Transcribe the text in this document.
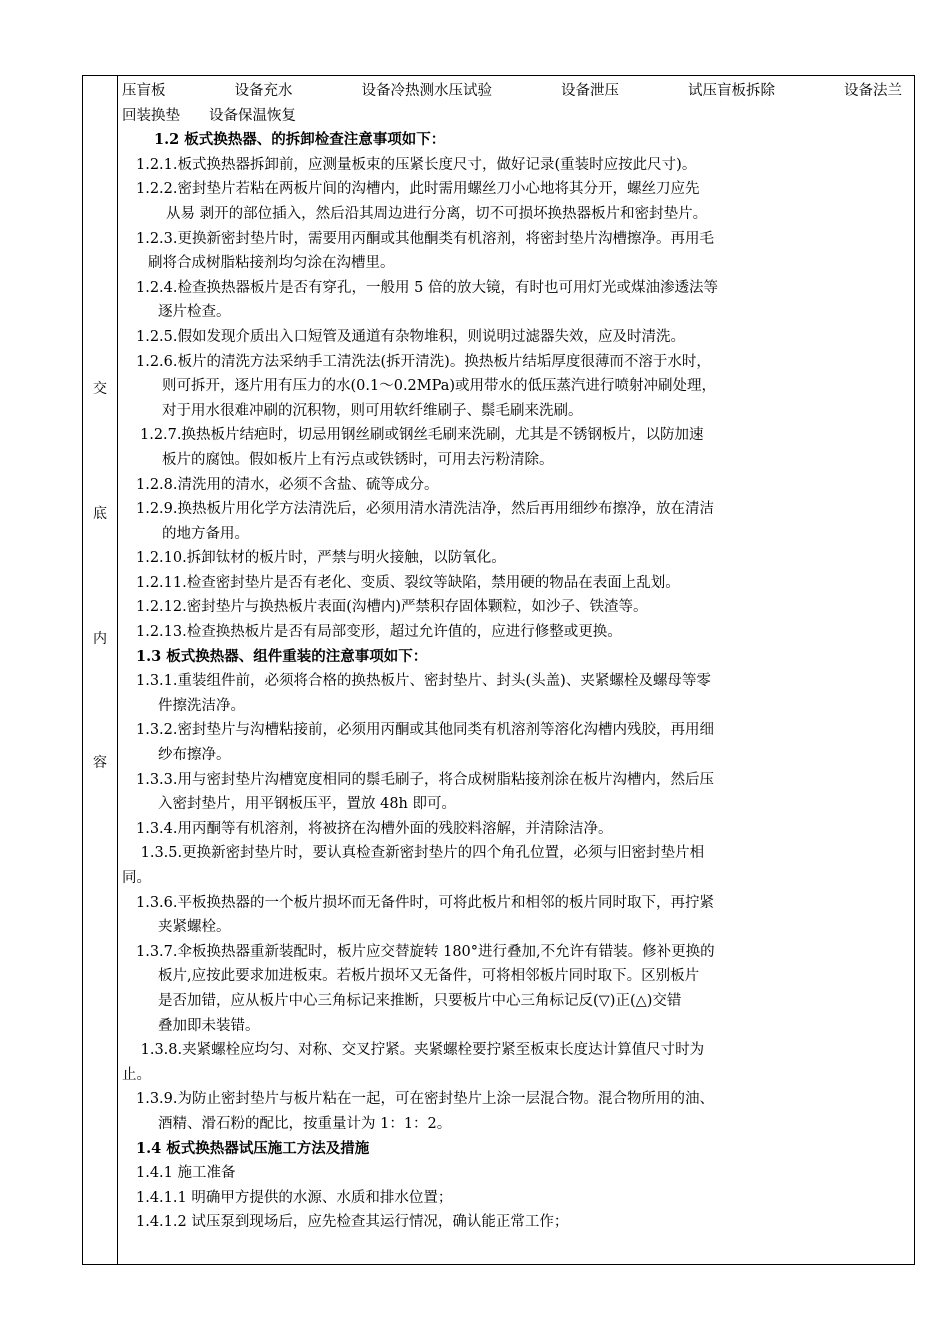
交
底
内
容
压盲板	设备充水	设备冷热测水压试验	设备泄压	试压盲板拆除	设备法兰
回装换垫　　设备保温恢复
1.2 板式换热器、的拆卸检查注意事项如下：
1.2.1.板式换热器拆卸前，应测量板束的压紧长度尺寸，做好记录(重装时应按此尺寸)。
1.2.2.密封垫片若粘在两板片间的沟槽内，此时需用螺丝刀小心地将其分开，螺丝刀应先
从易 剥开的部位插入，然后沿其周边进行分离，切不可损坏换热器板片和密封垫片。
1.2.3.更换新密封垫片时，需要用丙酮或其他酮类有机溶剂，将密封垫片沟槽擦净。再用毛
刷将合成树脂粘接剂均匀涂在沟槽里。
1.2.4.检查换热器板片是否有穿孔，一般用 5 倍的放大镜，有时也可用灯光或煤油渗透法等
逐片检查。
1.2.5.假如发现介质出入口短管及通道有杂物堆积，则说明过滤器失效，应及时清洗。
1.2.6.板片的清洗方法采纳手工清洗法(拆开清洗)。换热板片结垢厚度很薄而不溶于水时，
则可拆开，逐片用有压力的水(0.1～0.2MPa)或用带水的低压蒸汽进行喷射冲刷处理，
对于用水很难冲刷的沉积物，则可用软纤维刷子、鬃毛刷来洗刷。
1.2.7.换热板片结疤时，切忌用钢丝刷或钢丝毛刷来洗刷，尤其是不锈钢板片，以防加速
板片的腐蚀。假如板片上有污点或铁锈时，可用去污粉清除。
1.2.8.清洗用的清水，必须不含盐、硫等成分。
1.2.9.换热板片用化学方法清洗后，必须用清水清洗洁净，然后再用细纱布擦净，放在清洁
的地方备用。
1.2.10.拆卸钛材的板片时，严禁与明火接触，以防氧化。
1.2.11.检查密封垫片是否有老化、变质、裂纹等缺陷，禁用硬的物品在表面上乱划。
1.2.12.密封垫片与换热板片表面(沟槽内)严禁积存固体颗粒，如沙子、铁渣等。
1.2.13.检查换热板片是否有局部变形，超过允许值的，应进行修整或更换。
1.3 板式换热器、组件重装的注意事项如下：
1.3.1.重装组件前，必须将合格的换热板片、密封垫片、封头(头盖)、夹紧螺栓及螺母等零
件擦洗洁净。
1.3.2.密封垫片与沟槽粘接前，必须用丙酮或其他同类有机溶剂等溶化沟槽内残胶，再用细
纱布擦净。
1.3.3.用与密封垫片沟槽宽度相同的鬃毛刷子，将合成树脂粘接剂涂在板片沟槽内，然后压
入密封垫片，用平钢板压平，置放 48h 即可。
1.3.4.用丙酮等有机溶剂，将被挤在沟槽外面的残胶料溶解，并清除洁净。
1.3.5.更换新密封垫片时，要认真检查新密封垫片的四个角孔位置，必须与旧密封垫片相
同。
1.3.6.平板换热器的一个板片损坏而无备件时，可将此板片和相邻的板片同时取下，再拧紧
夹紧螺栓。
1.3.7.伞板换热器重新装配时，板片应交替旋转 180°进行叠加,不允许有错装。修补更换的
板片,应按此要求加进板束。若板片损坏又无备件，可将相邻板片同时取下。区别板片
是否加错，应从板片中心三角标记来推断，只要板片中心三角标记反(▽)正(△)交错
叠加即未装错。
1.3.8.夹紧螺栓应均匀、对称、交叉拧紧。夹紧螺栓要拧紧至板束长度达计算值尺寸时为
止。
1.3.9.为防止密封垫片与板片粘在一起，可在密封垫片上涂一层混合物。混合物所用的油、
酒精、滑石粉的配比，按重量计为 1：1：2。
1.4 板式换热器试压施工方法及措施
1.4.1 施工准备
1.4.1.1 明确甲方提供的水源、水质和排水位置；
1.4.1.2 试压泵到现场后，应先检查其运行情况，确认能正常工作；
